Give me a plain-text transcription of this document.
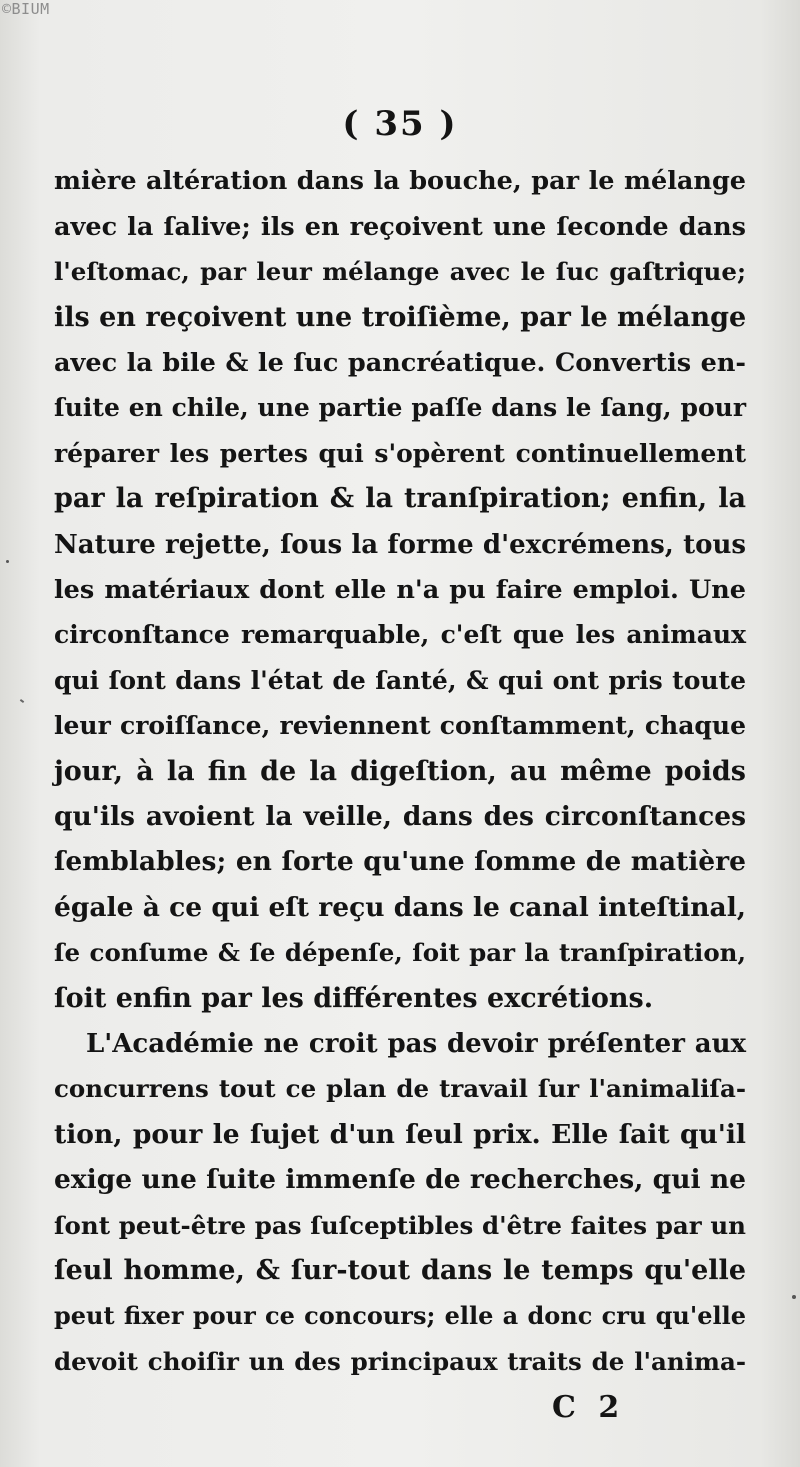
©BIUM
( 35 )
mière altération dans la bouche, par le mélange
avec la ſalive; ils en reçoivent une ſeconde dans
l'eſtomac, par leur mélange avec le ſuc gaſtrique;
ils en reçoivent une troiſième, par le mélange
avec la bile & le ſuc pancréatique. Convertis en-
ſuite en chile, une partie paſſe dans le ſang, pour
réparer les pertes qui s'opèrent continuellement
par la reſpiration & la tranſpiration; enfin, la
Nature rejette, ſous la forme d'excrémens, tous
les matériaux dont elle n'a pu faire emploi. Une
circonſtance remarquable, c'eſt que les animaux
qui ſont dans l'état de ſanté, & qui ont pris toute
leur croiſſance, reviennent conſtamment, chaque
jour, à la fin de la digeſtion, au même poids
qu'ils avoient la veille, dans des circonſtances
ſemblables; en ſorte qu'une ſomme de matière
égale à ce qui eſt reçu dans le canal inteſtinal,
ſe conſume & ſe dépenſe, ſoit par la tranſpiration,
ſoit enfin par les différentes excrétions.
L'Académie ne croit pas devoir préſenter aux
concurrens tout ce plan de travail ſur l'animaliſa-
tion, pour le ſujet d'un ſeul prix. Elle ſait qu'il
exige une ſuite immenſe de recherches, qui ne
ſont peut-être pas ſuſceptibles d'être faites par un
ſeul homme, & ſur-tout dans le temps qu'elle
peut fixer pour ce concours; elle a donc cru qu'elle
devoit choiſir un des principaux traits de l'anima-
C 2
